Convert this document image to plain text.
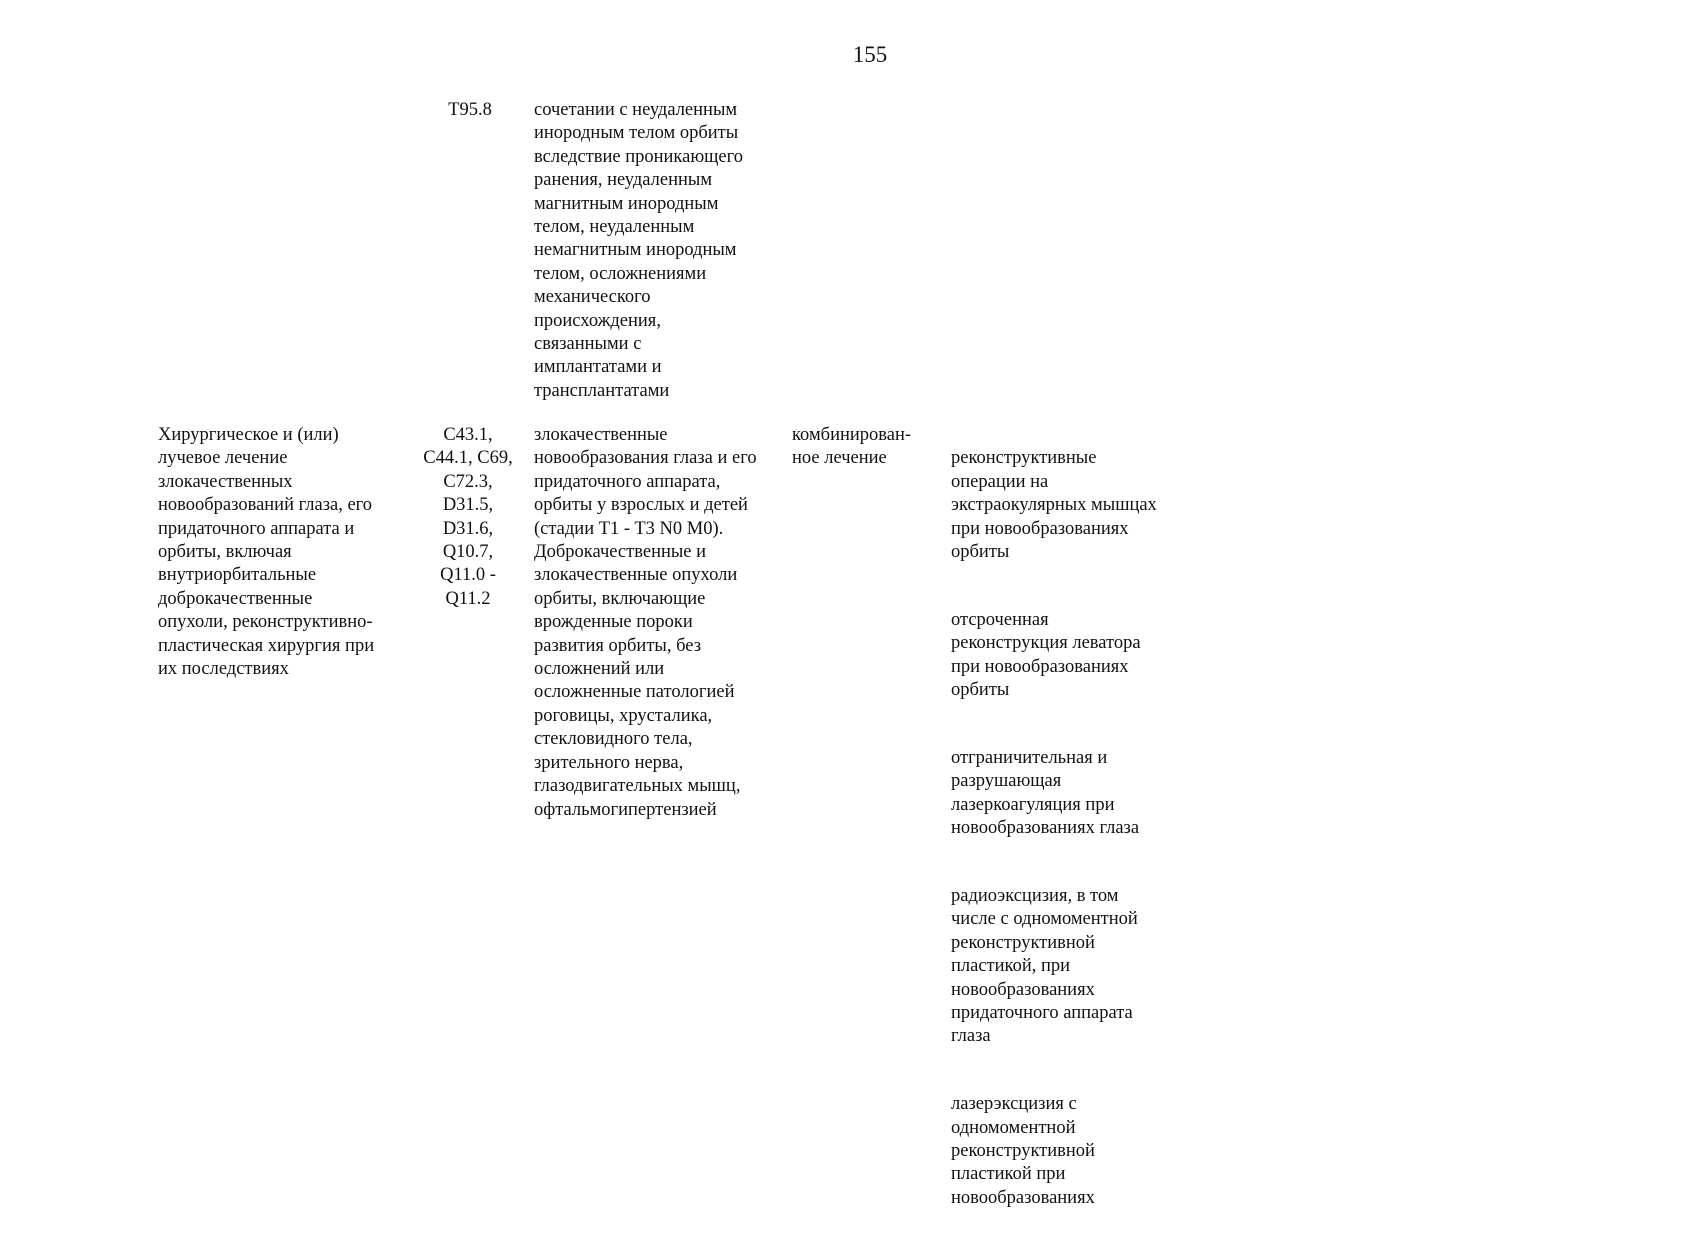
155
T95.8	сочетании с неудаленным
инородным телом орбиты
вследствие проникающего
ранения, неудаленным
магнитным инородным
телом, неудаленным
немагнитным инородным
телом, осложнениями
механического
происхождения,
связанными с
имплантатами и
трансплантатами
Хирургическое и (или)
лучевое лечение
злокачественных
новообразований глаза, его
придаточного аппарата и
орбиты, включая
внутриорбитальные
доброкачественные
опухоли, реконструктивно-
пластическая хирургия при
их последствиях
C43.1,
C44.1, C69,
C72.3,
D31.5,
D31.6,
Q10.7,
Q11.0 -
Q11.2
злокачественные
новообразования глаза и его
придаточного аппарата,
орбиты у взрослых и детей
(стадии T1 - T3 N0 M0).
Доброкачественные и
злокачественные опухоли
орбиты, включающие
врожденные пороки
развития орбиты, без
осложнений или
осложненные патологией
роговицы, хрусталика,
стекловидного тела,
зрительного нерва,
глазодвигательных мышц,
офтальмогипертензией
комбинирован-
ное лечение	реконструктивные
операции на
экстраокулярных мышцах
при новообразованиях
орбиты

отсроченная
реконструкция леватора
при новообразованиях
орбиты

отграничительная и
разрушающая
лазеркоагуляция при
новообразованиях глаза

радиоэксцизия, в том
числе с одномоментной
реконструктивной
пластикой, при
новообразованиях
придаточного аппарата
глаза

лазерэксцизия с
одномоментной
реконструктивной
пластикой при
новообразованиях
